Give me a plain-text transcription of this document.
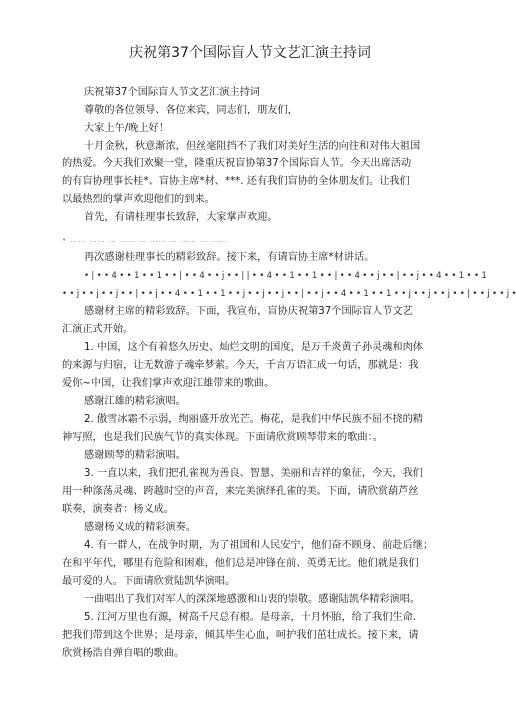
庆祝第37个国际盲人节文艺汇演主持词
庆祝第37个国际盲人节文艺汇演主持词
尊敬的各位领导、各位来宾，同志们，朋友们，
大家上午/晚上好！
十月金秋，秋意渐浓，但丝毫阻挡不了我们对美好生活的向往和对伟大祖国
的热爱。今天我们欢聚一堂，隆重庆祝盲协第37个国际盲人节。今天出席活动
的有盲协理事长桂*、盲协主席*材、***. 还有我们盲协的全体朋友们。让我们
以最热烈的掌声欢迎他们的到来。
首先，有请桂理事长致辞，大家掌声欢迎。
• …… …… … …… … …… … …… … ……
再次感谢桂理事长的精彩致辞。接下来，有请盲协主席*材讲话。
• | • • 4 • • 1 • • 1 • • | • • 4 • • j • • | | • • 4 • • 1 • • 1 • • | • • 4 • • j • • | • • j • • 4 • • 1 • • 1
• • j • • j • • j • • | • • j • • 4 • • 1 • • 1 • • j • • j • • j • • | • • j • • 4 • • 1 • • 1 • • j • • j • • j • • | • • j • • j •
感谢材主席的精彩致辞。下面，我宣布，盲协庆祝第37个国际盲人节文艺
汇演正式开始。
1. 中国，这个有着悠久历史、灿烂文明的国度，是万千炎黄子孙灵魂和肉体
的来源与归宿，让无数游子魂牵梦萦。今天，千言万语汇成一句话，那就是：我
爱你~中国，让我们掌声欢迎江雄带来的歌曲。
感谢江雄的精彩演唱。
2. 傲雪冰霜不示弱，绚丽盛开放光芒。梅花，是我们中华民族不屈不挠的精
神写照，也是我们民族气节的真实体现。下面请欣赏顾琴带来的歌曲：。
感谢顾琴的精彩演唱。
3. 一直以来，我们把孔雀视为善良、智慧、美丽和吉祥的象征，今天，我们
用一种涤荡灵魂、跨越时空的声音，来完美演绎孔雀的美。下面，请欣赏葫芦丝
联奏，演奏者：杨义成。
感谢杨义成的精彩演奏。
4. 有一群人，在战争时期，为了祖国和人民安宁，他们奋不顾身、前赴后继；
在和平年代，哪里有危险和困难，他们总是冲锋在前、英勇无比。他们就是我们
最可爱的人。下面请欣赏陆凯华演唱。
一曲唱出了我们对军人的深深地感激和山衷的崇敬。感谢陆凯华精彩演唱。
5. 江河万里也有源，树高千尺总有根。是母亲，十月怀胎，给了我们生命.
把我们带到这个世界；是母亲，倾其毕生心血，呵护我们茁壮成长。接下来，请
欣赏杨浩自弹自唱的歌曲。
